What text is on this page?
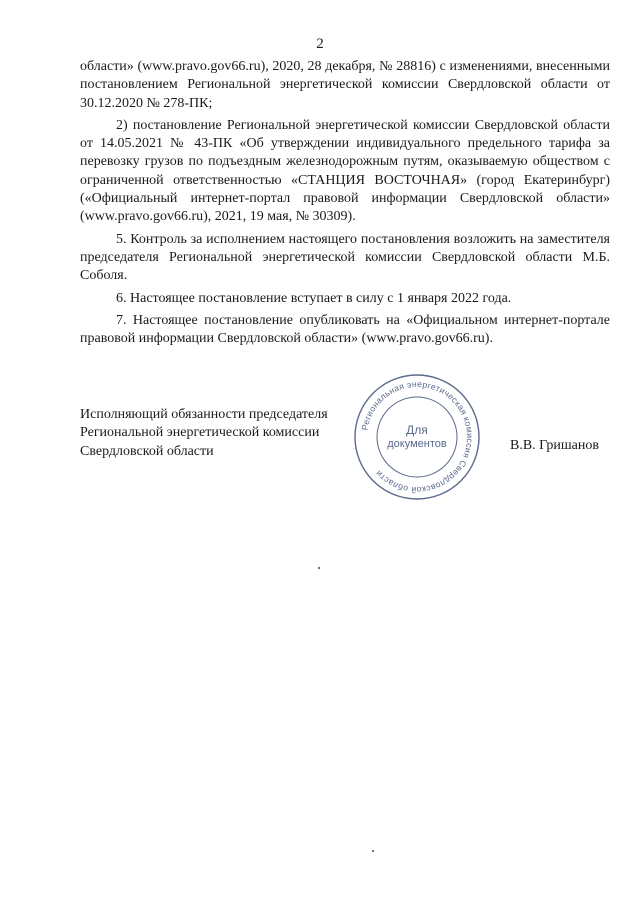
2

области» (www.pravo.gov66.ru), 2020, 28 декабря, № 28816) с изменениями, внесенными постановлением Региональной энергетической комиссии Свердловской области от 30.12.2020 № 278-ПК;

2) постановление Региональной энергетической комиссии Свердловской области от 14.05.2021 № 43-ПК «Об утверждении индивидуального предельного тарифа за перевозку грузов по подъездным железнодорожным путям, оказываемую обществом с ограниченной ответственностью «СТАНЦИЯ ВОСТОЧНАЯ» (город Екатеринбург) («Официальный интернет-портал правовой информации Свердловской области» (www.pravo.gov66.ru), 2021, 19 мая, № 30309).

5. Контроль за исполнением настоящего постановления возложить на заместителя председателя Региональной энергетической комиссии Свердловской области М.Б. Соболя.

6. Настоящее постановление вступает в силу с 1 января 2022 года.

7. Настоящее постановление опубликовать на «Официальном интернет-портале правовой информации Свердловской области» (www.pravo.gov66.ru).

Исполняющий обязанности председателя
Региональной энергетической комиссии
Свердловской области	В.В. Гришанов
Региональная энергетическая комиссия Свердловской области
Для
документов
